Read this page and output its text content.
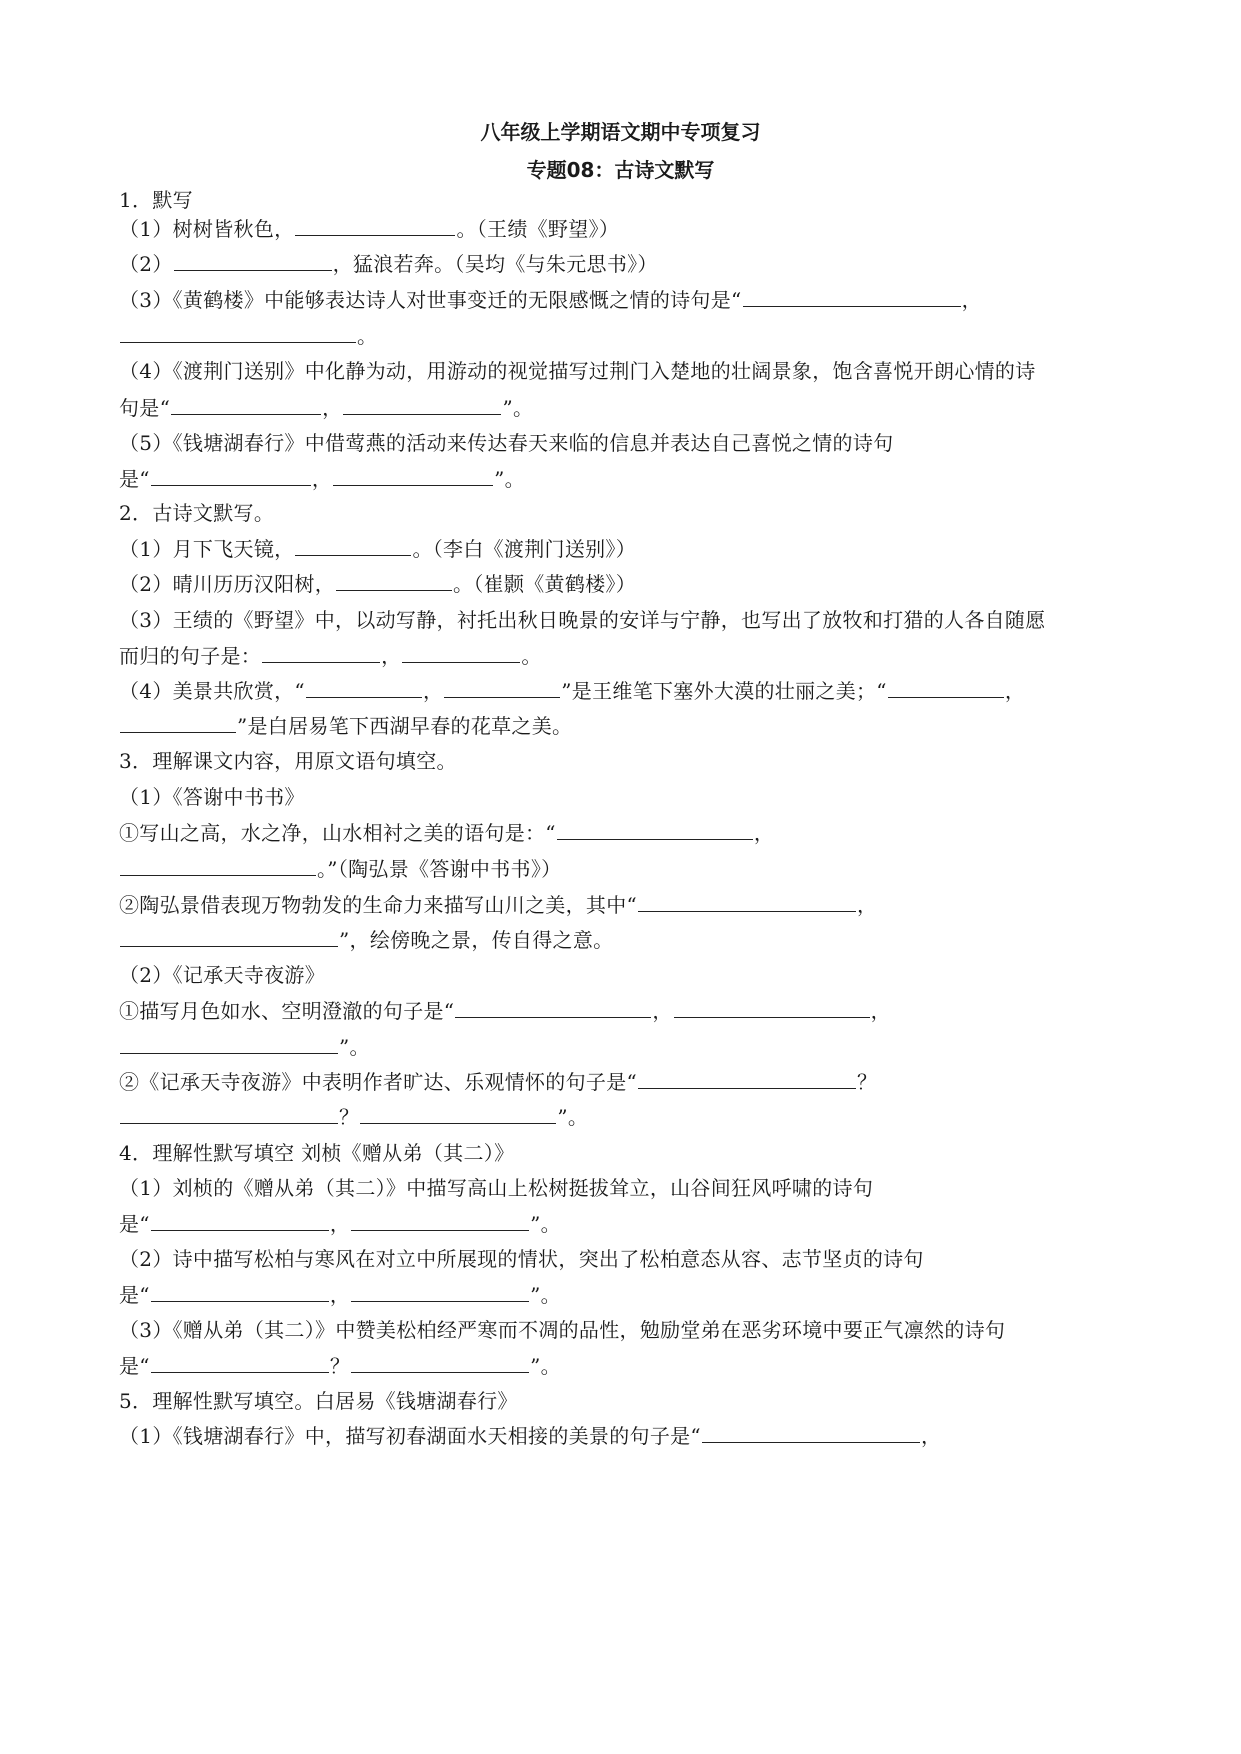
八年级上学期语文期中专项复习
专题08：古诗文默写
1．默写
（1）树树皆秋色，	。（王绩《野望》）
（2）	，猛浪若奔。（吴均《与朱元思书》）
（3）《黄鹤楼》中能够表达诗人对世事变迁的无限感慨之情的诗句是“	，
。
（4）《渡荆门送别》中化静为动，用游动的视觉描写过荆门入楚地的壮阔景象，饱含喜悦开朗心情的诗
句是“	，	”。
（5）《钱塘湖春行》中借莺燕的活动来传达春天来临的信息并表达自己喜悦之情的诗句
是“	，	”。
2．古诗文默写。
（1）月下飞天镜，	。（李白《渡荆门送别》）
（2）晴川历历汉阳树，	。（崔颢《黄鹤楼》）
（3）王绩的《野望》中，以动写静，衬托出秋日晚景的安详与宁静，也写出了放牧和打猎的人各自随愿
而归的句子是：	，	。
（4）美景共欣赏，“	，	”是王维笔下塞外大漠的壮丽之美；“	，
”是白居易笔下西湖早春的花草之美。
3．理解课文内容，用原文语句填空。
（1）《答谢中书书》
①写山之高，水之净，山水相衬之美的语句是：“	，
。”（陶弘景《答谢中书书》）
②陶弘景借表现万物勃发的生命力来描写山川之美，其中“	，
”，绘傍晚之景，传自得之意。
（2）《记承天寺夜游》
①描写月色如水、空明澄澈的句子是“	，	，
”。
②《记承天寺夜游》中表明作者旷达、乐观情怀的句子是“	？
？	”。
4．理解性默写填空 刘桢《赠从弟（其二）》
（1）刘桢的《赠从弟（其二）》中描写高山上松树挺拔耸立，山谷间狂风呼啸的诗句
是“	，	”。
（2）诗中描写松柏与寒风在对立中所展现的情状，突出了松柏意态从容、志节坚贞的诗句
是“	，	”。
（3）《赠从弟（其二）》中赞美松柏经严寒而不凋的品性，勉励堂弟在恶劣环境中要正气凛然的诗句
是“	？	”。
5．理解性默写填空。白居易《钱塘湖春行》
（1）《钱塘湖春行》中，描写初春湖面水天相接的美景的句子是“	，
